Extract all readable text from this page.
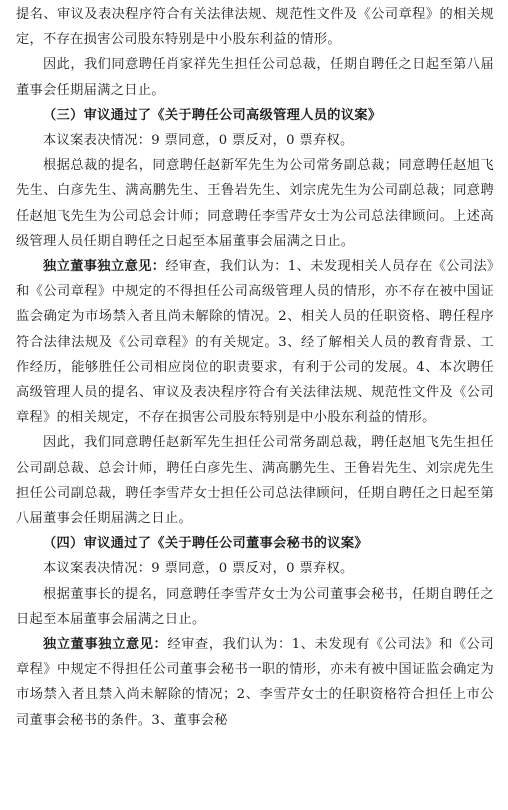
提名、审议及表决程序符合有关法律法规、规范性文件及《公司章程》的相关规定，不存在损害公司股东特别是中小股东利益的情形。

因此，我们同意聘任肖家祥先生担任公司总裁，任期自聘任之日起至第八届董事会任期届满之日止。

（三）审议通过了《关于聘任公司高级管理人员的议案》

本议案表决情况：9 票同意，0 票反对，0 票弃权。

根据总裁的提名，同意聘任赵新军先生为公司常务副总裁；同意聘任赵旭飞先生、白彦先生、满高鹏先生、王鲁岩先生、刘宗虎先生为公司副总裁；同意聘任赵旭飞先生为公司总会计师；同意聘任李雪芹女士为公司总法律顾问。上述高级管理人员任期自聘任之日起至本届董事会届满之日止。

独立董事独立意见：经审查，我们认为：1、未发现相关人员存在《公司法》和《公司章程》中规定的不得担任公司高级管理人员的情形，亦不存在被中国证监会确定为市场禁入者且尚未解除的情况。2、相关人员的任职资格、聘任程序符合法律法规及《公司章程》的有关规定。3、经了解相关人员的教育背景、工作经历，能够胜任公司相应岗位的职责要求，有利于公司的发展。4、本次聘任高级管理人员的提名、审议及表决程序符合有关法律法规、规范性文件及《公司章程》的相关规定，不存在损害公司股东特别是中小股东利益的情形。

因此，我们同意聘任赵新军先生担任公司常务副总裁，聘任赵旭飞先生担任公司副总裁、总会计师，聘任白彦先生、满高鹏先生、王鲁岩先生、刘宗虎先生担任公司副总裁，聘任李雪芹女士担任公司总法律顾问，任期自聘任之日起至第八届董事会任期届满之日止。

（四）审议通过了《关于聘任公司董事会秘书的议案》

本议案表决情况：9 票同意，0 票反对，0 票弃权。

根据董事长的提名，同意聘任李雪芹女士为公司董事会秘书，任期自聘任之日起至本届董事会届满之日止。

独立董事独立意见：经审查，我们认为：1、未发现有《公司法》和《公司章程》中规定不得担任公司董事会秘书一职的情形，亦未有被中国证监会确定为市场禁入者且禁入尚未解除的情况；2、李雪芹女士的任职资格符合担任上市公司董事会秘书的条件。3、董事会秘
